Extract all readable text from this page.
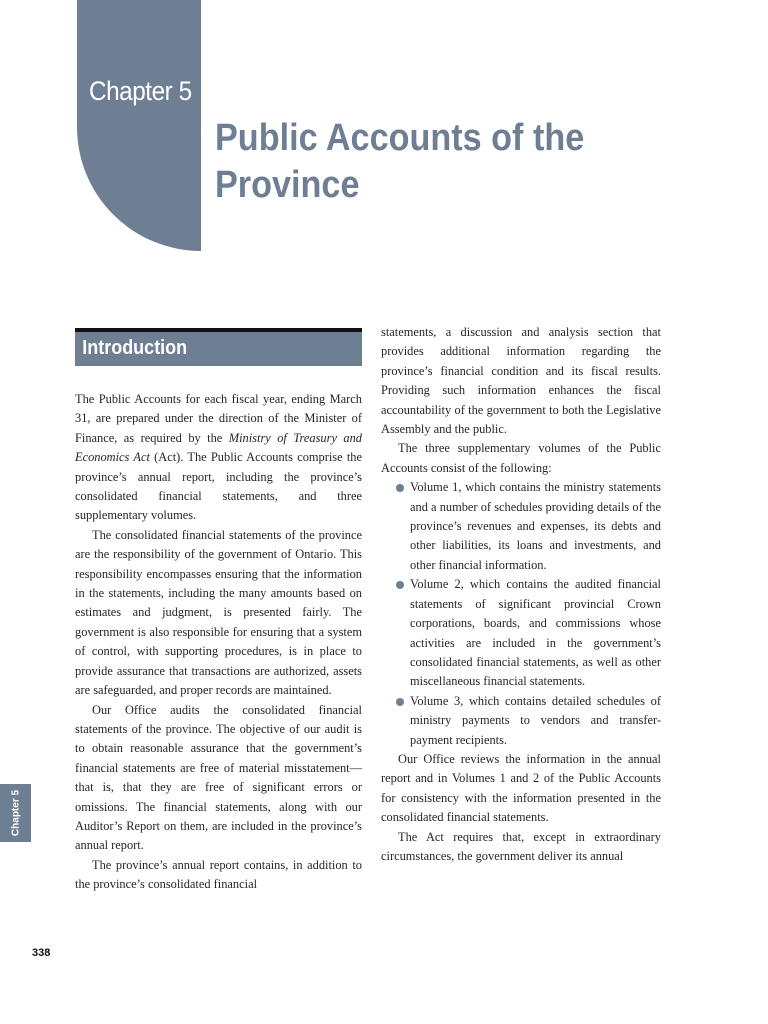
Chapter 5
Public Accounts of the Province
Introduction

The Public Accounts for each fiscal year, ending March 31, are prepared under the direction of the Minister of Finance, as required by the Ministry of Treasury and Economics Act (Act). The Public Accounts comprise the province’s annual report, including the province’s consolidated financial statements, and three supplementary volumes.

The consolidated financial statements of the province are the responsibility of the government of Ontario. This responsibility encompasses ensuring that the information in the statements, including the many amounts based on estimates and judgment, is presented fairly. The government is also responsible for ensuring that a system of control, with supporting procedures, is in place to provide assurance that transactions are authorized, assets are safeguarded, and proper records are maintained.

Our Office audits the consolidated financial statements of the province. The objective of our audit is to obtain reasonable assurance that the government’s financial statements are free of material misstatement—that is, that they are free of significant errors or omissions. The financial statements, along with our Auditor’s Report on them, are included in the province’s annual report.

The province’s annual report contains, in addition to the province’s consolidated financial

statements, a discussion and analysis section that provides additional information regarding the province’s financial condition and its fiscal results. Providing such information enhances the fiscal accountability of the government to both the Legislative Assembly and the public.

The three supplementary volumes of the Public Accounts consist of the following:

Volume 1, which contains the ministry statements and a number of schedules providing details of the province’s revenues and expenses, its debts and other liabilities, its loans and investments, and other financial information.
Volume 2, which contains the audited financial statements of significant provincial Crown corporations, boards, and commissions whose activities are included in the government’s consolidated financial statements, as well as other miscellaneous financial statements.
Volume 3, which contains detailed schedules of ministry payments to vendors and transfer-payment recipients.

Our Office reviews the information in the annual report and in Volumes 1 and 2 of the Public Accounts for consistency with the information presented in the consolidated financial statements.

The Act requires that, except in extraordinary circumstances, the government deliver its annual

Chapter 5
338
